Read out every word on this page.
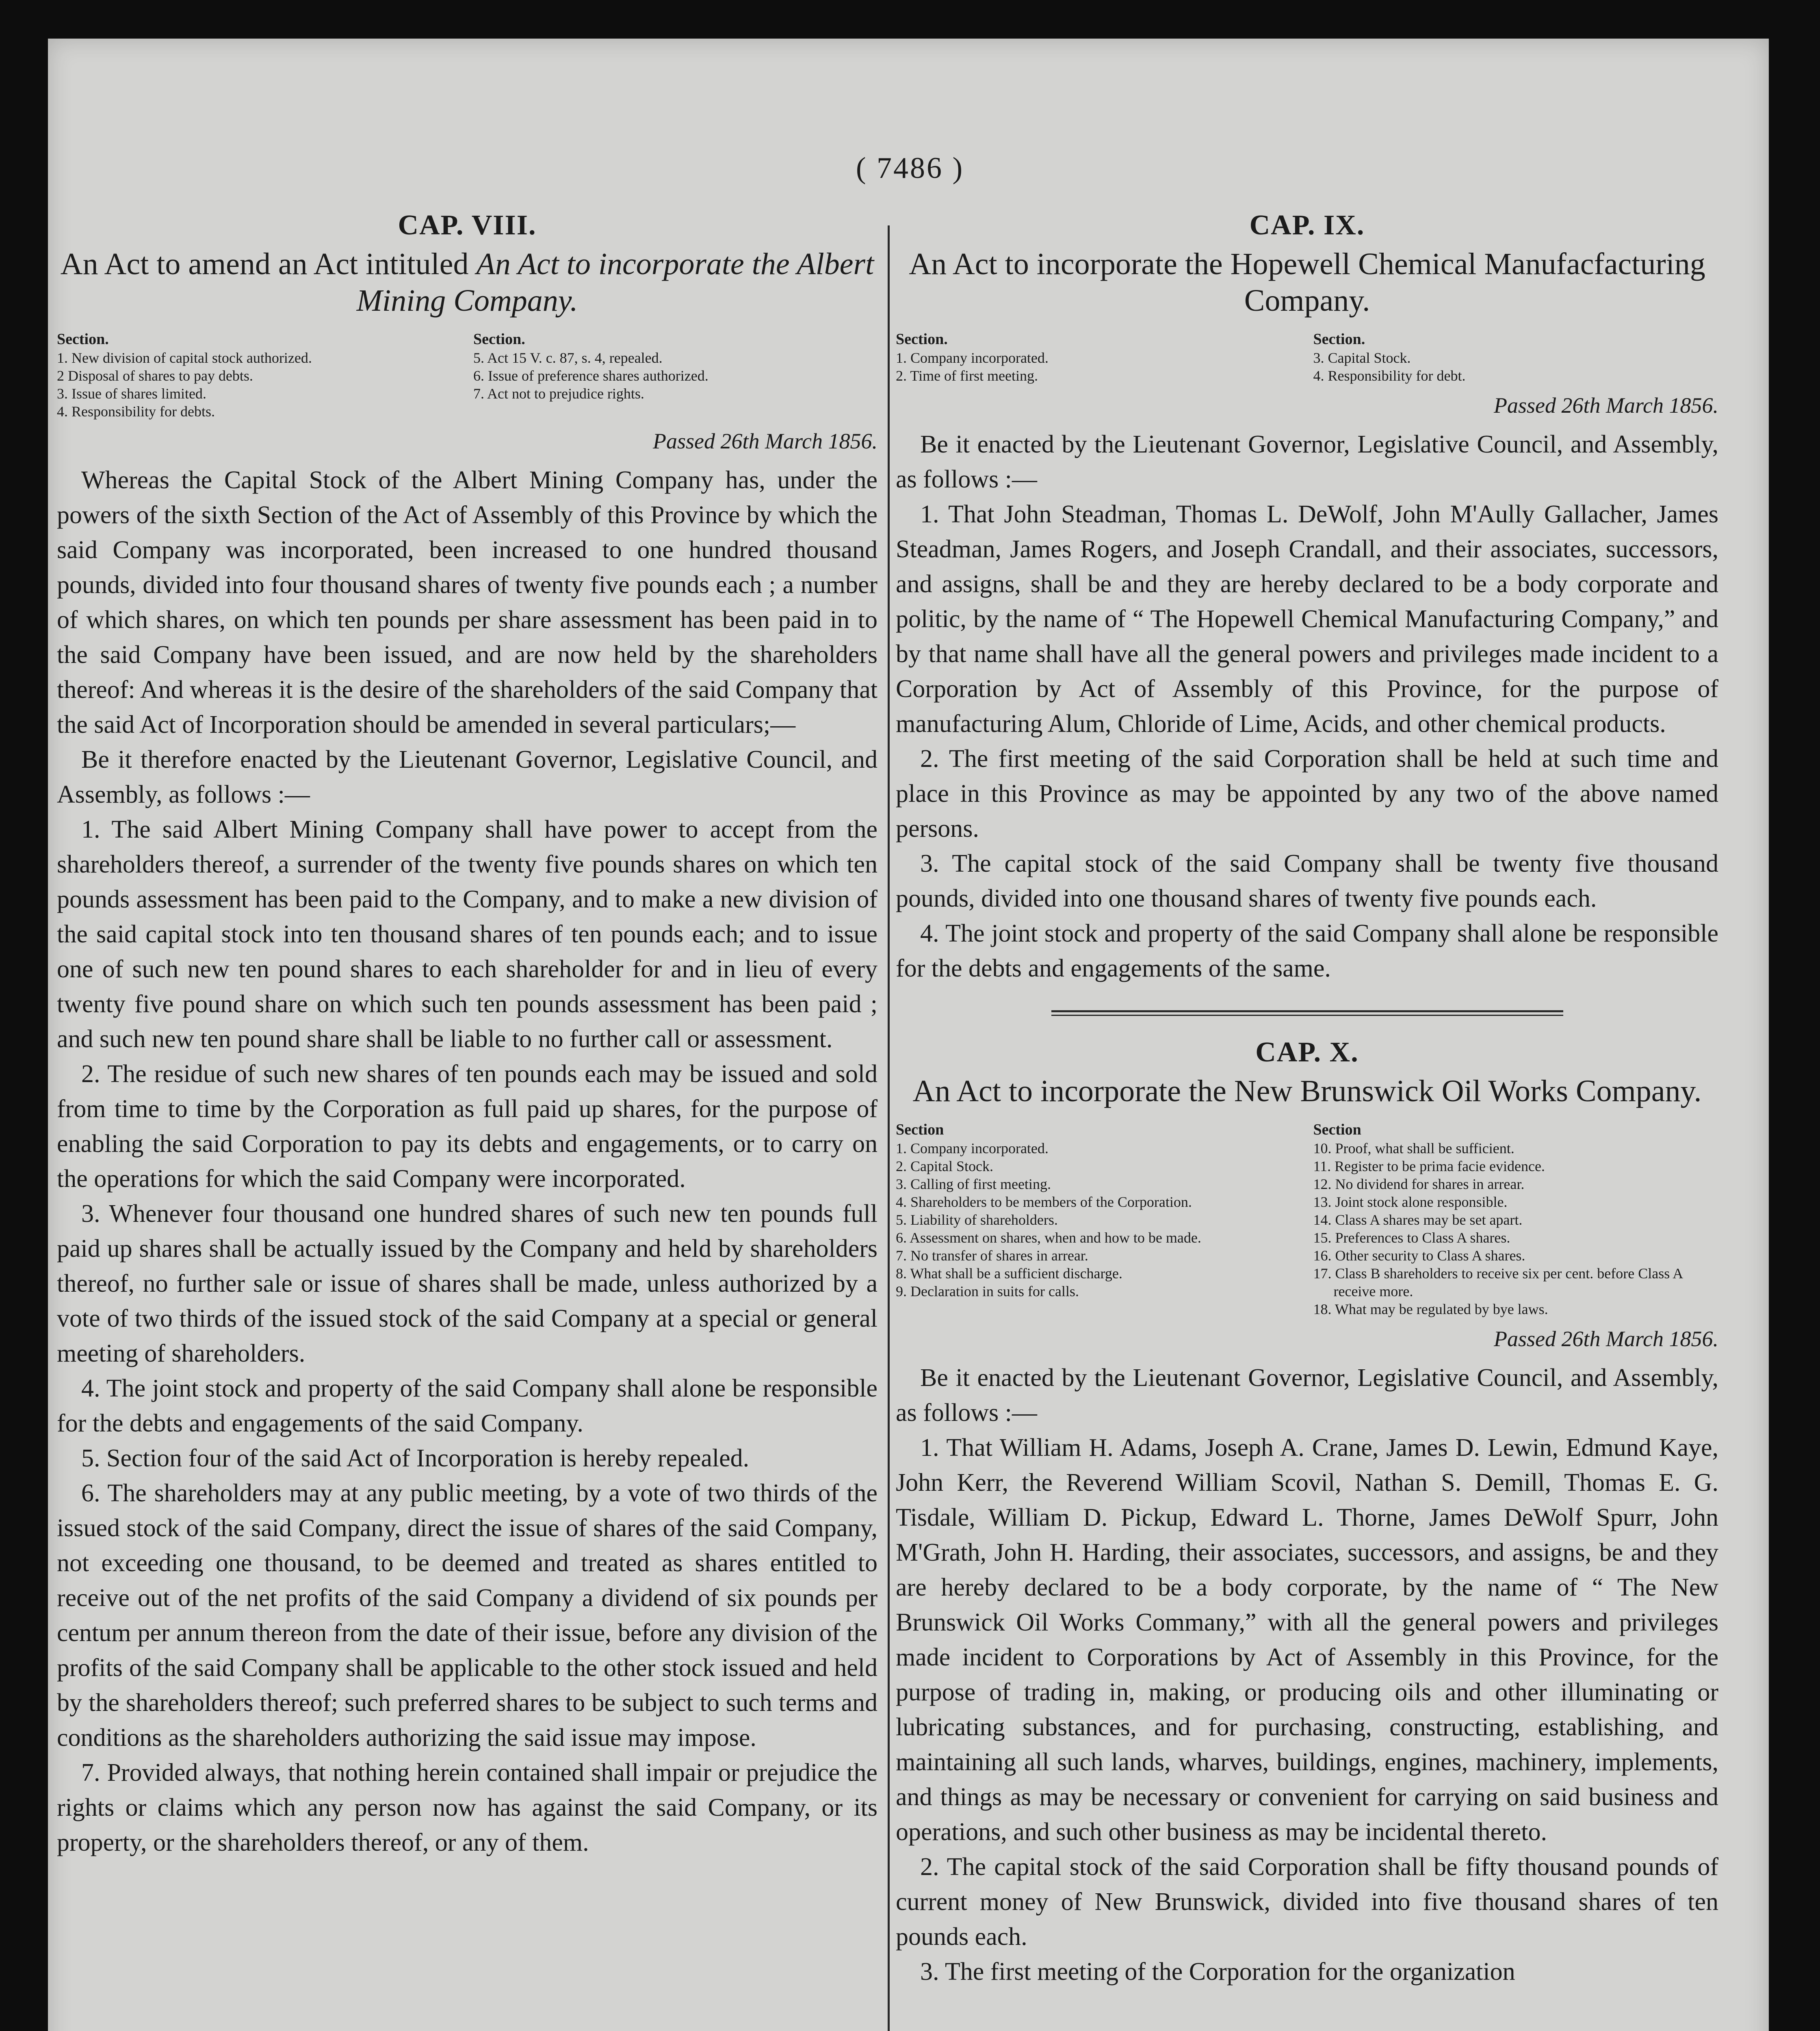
( 7486 )
CAP. VIII.
An Act to amend an Act intituled An Act to incorporate the Albert Mining Company.
Section.
1. New division of capital stock authorized.
2 Disposal of shares to pay debts.
3. Issue of shares limited.
4. Responsibility for debts.
Section.
5. Act 15 V. c. 87, s. 4, repealed.
6. Issue of preference shares authorized.
7. Act not to prejudice rights.
Passed 26th March 1856.

Whereas the Capital Stock of the Albert Mining Company has, under the powers of the sixth Section of the Act of Assembly of this Province by which the said Company was incorporated, been increased to one hundred thousand pounds, divided into four thousand shares of twenty five pounds each ; a number of which shares, on which ten pounds per share assessment has been paid in to the said Company have been issued, and are now held by the shareholders thereof: And whereas it is the desire of the shareholders of the said Company that the said Act of Incorporation should be amended in several particulars;—

Be it therefore enacted by the Lieutenant Governor, Legislative Council, and Assembly, as follows :—

1. The said Albert Mining Company shall have power to accept from the shareholders thereof, a surrender of the twenty five pounds shares on which ten pounds assessment has been paid to the Company, and to make a new division of the said capital stock into ten thousand shares of ten pounds each; and to issue one of such new ten pound shares to each shareholder for and in lieu of every twenty five pound share on which such ten pounds assessment has been paid ; and such new ten pound share shall be liable to no further call or assessment.

2. The residue of such new shares of ten pounds each may be issued and sold from time to time by the Corporation as full paid up shares, for the purpose of enabling the said Corporation to pay its debts and engagements, or to carry on the operations for which the said Company were incorporated.

3. Whenever four thousand one hundred shares of such new ten pounds full paid up shares shall be actually issued by the Company and held by shareholders thereof, no further sale or issue of shares shall be made, unless authorized by a vote of two thirds of the issued stock of the said Company at a special or general meeting of shareholders.

4. The joint stock and property of the said Company shall alone be responsible for the debts and engagements of the said Company.

5. Section four of the said Act of Incorporation is hereby repealed.

6. The shareholders may at any public meeting, by a vote of two thirds of the issued stock of the said Company, direct the issue of shares of the said Company, not exceeding one thousand, to be deemed and treated as shares entitled to receive out of the net profits of the said Company a dividend of six pounds per centum per annum thereon from the date of their issue, before any division of the profits of the said Company shall be applicable to the other stock issued and held by the shareholders thereof; such preferred shares to be subject to such terms and conditions as the shareholders authorizing the said issue may impose.

7. Provided always, that nothing herein contained shall impair or prejudice the rights or claims which any person now has against the said Company, or its property, or the shareholders thereof, or any of them.

CAP. IX.
An Act to incorporate the Hopewell Chemical Manufacfacturing Company.
Section.
1. Company incorporated.
2. Time of first meeting.
Section.
3. Capital Stock.
4. Responsibility for debt.
Passed 26th March 1856.

Be it enacted by the Lieutenant Governor, Legislative Council, and Assembly, as follows :—

1. That John Steadman, Thomas L. DeWolf, John M'Aully Gallacher, James Steadman, James Rogers, and Joseph Crandall, and their associates, successors, and assigns, shall be and they are hereby declared to be a body corporate and politic, by the name of “ The Hopewell Chemical Manufacturing Company,” and by that name shall have all the general powers and privileges made incident to a Corporation by Act of Assembly of this Province, for the purpose of manufacturing Alum, Chloride of Lime, Acids, and other chemical products.

2. The first meeting of the said Corporation shall be held at such time and place in this Province as may be appointed by any two of the above named persons.

3. The capital stock of the said Company shall be twenty five thousand pounds, divided into one thousand shares of twenty five pounds each.

4. The joint stock and property of the said Company shall alone be responsible for the debts and engagements of the same.

CAP. X.
An Act to incorporate the New Brunswick Oil Works Company.
Section
1. Company incorporated.
2. Capital Stock.
3. Calling of first meeting.
4. Shareholders to be members of the Corporation.
5. Liability of shareholders.
6. Assessment on shares, when and how to be made.
7. No transfer of shares in arrear.
8. What shall be a sufficient discharge.
9. Declaration in suits for calls.
Section
10. Proof, what shall be sufficient.
11. Register to be prima facie evidence.
12. No dividend for shares in arrear.
13. Joint stock alone responsible.
14. Class A shares may be set apart.
15. Preferences to Class A shares.
16. Other security to Class A shares.
17. Class B shareholders to receive six per cent. before Class A receive more.
18. What may be regulated by bye laws.
Passed 26th March 1856.

Be it enacted by the Lieutenant Governor, Legislative Council, and Assembly, as follows :—

1. That William H. Adams, Joseph A. Crane, James D. Lewin, Edmund Kaye, John Kerr, the Reverend William Scovil, Nathan S. Demill, Thomas E. G. Tisdale, William D. Pickup, Edward L. Thorne, James DeWolf Spurr, John M'Grath, John H. Harding, their associates, successors, and assigns, be and they are hereby declared to be a body corporate, by the name of “ The New Brunswick Oil Works Commany,” with all the general powers and privileges made incident to Corporations by Act of Assembly in this Province, for the purpose of trading in, making, or producing oils and other illuminating or lubricating substances, and for purchasing, constructing, establishing, and maintaining all such lands, wharves, buildings, engines, machinery, implements, and things as may be necessary or convenient for carrying on said business and operations, and such other business as may be incidental thereto.

2. The capital stock of the said Corporation shall be fifty thousand pounds of current money of New Brunswick, divided into five thousand shares of ten pounds each.

3. The first meeting of the Corporation for the organization
